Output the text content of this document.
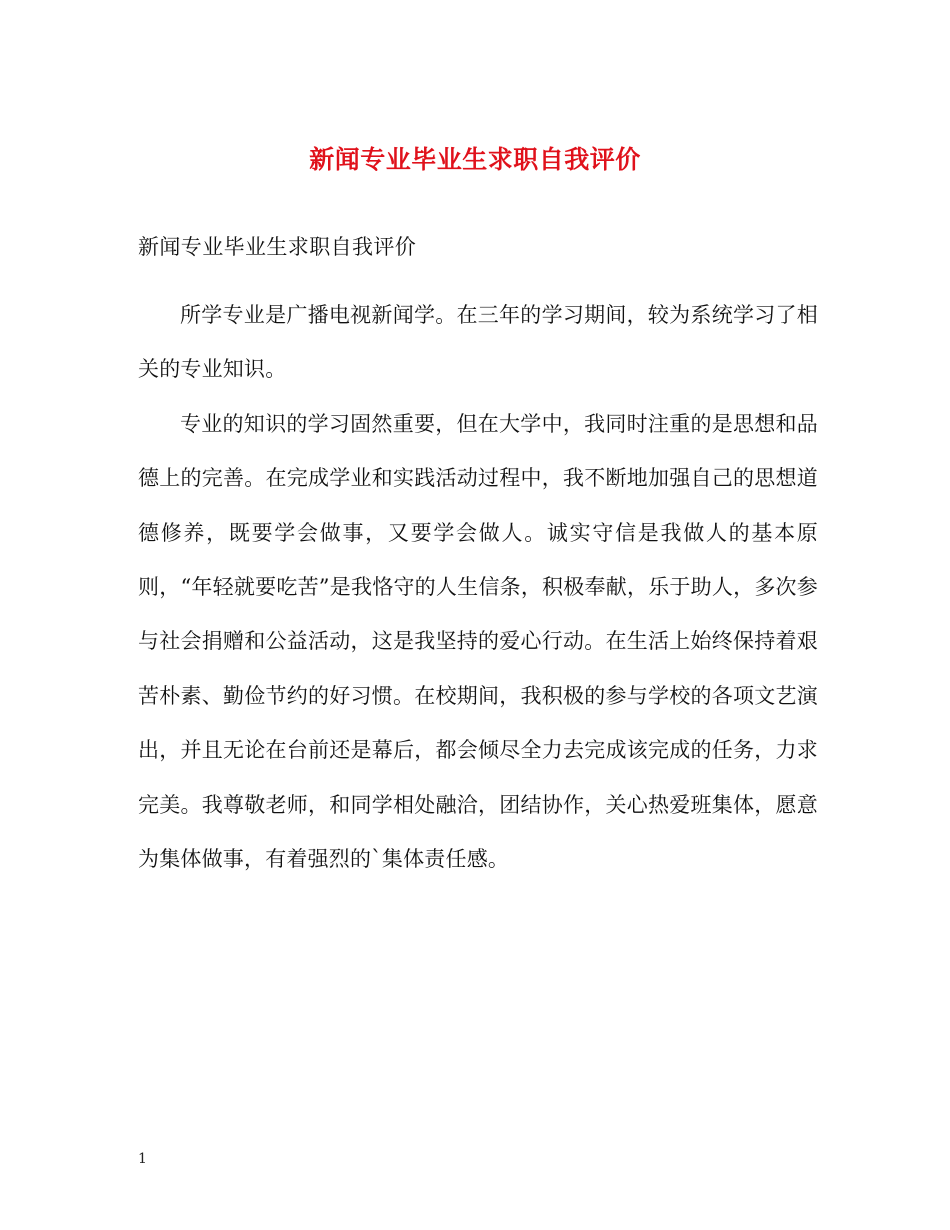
新闻专业毕业生求职自我评价
新闻专业毕业生求职自我评价

所学专业是广播电视新闻学。在三年的学习期间，较为系统学习了相关的专业知识。

专业的知识的学习固然重要，但在大学中，我同时注重的是思想和品德上的完善。在完成学业和实践活动过程中，我不断地加强自己的思想道德修养，既要学会做事，又要学会做人。诚实守信是我做人的基本原则，“年轻就要吃苦”是我恪守的人生信条，积极奉献，乐于助人，多次参与社会捐赠和公益活动，这是我坚持的爱心行动。在生活上始终保持着艰苦朴素、勤俭节约的好习惯。在校期间，我积极的参与学校的各项文艺演出，并且无论在台前还是幕后，都会倾尽全力去完成该完成的任务，力求完美。我尊敬老师，和同学相处融洽，团结协作，关心热爱班集体，愿意为集体做事，有着强烈的`集体责任感。

1
